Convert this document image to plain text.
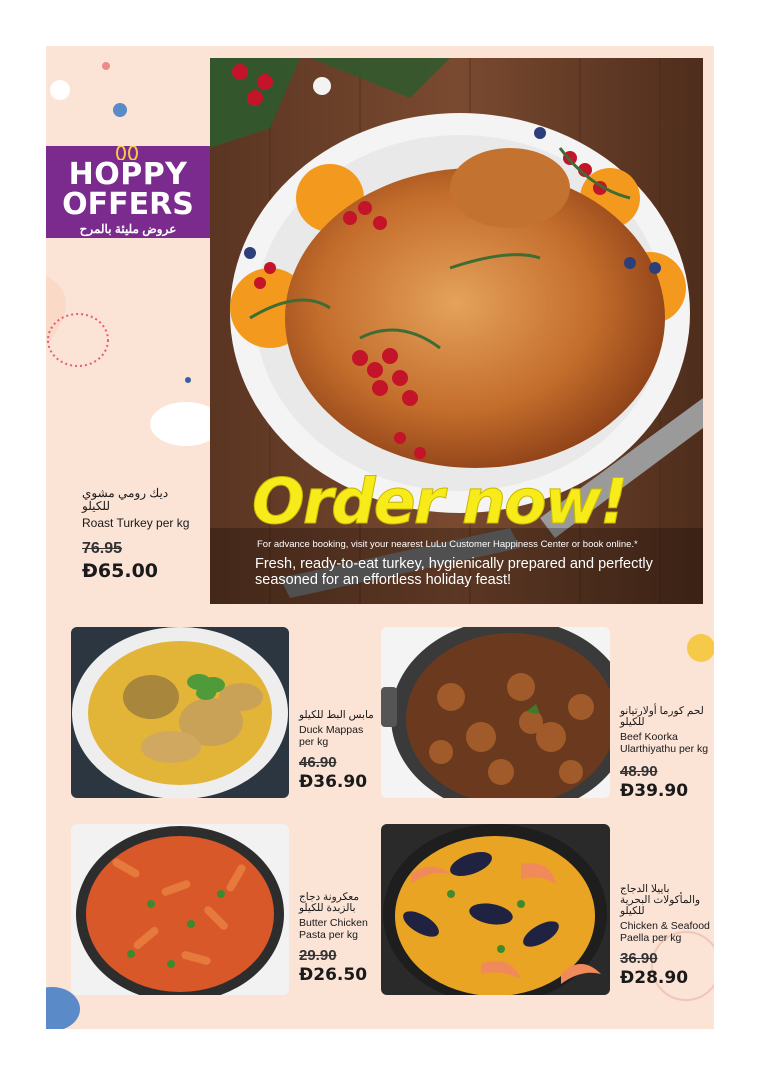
HOPPY
OFFERS
عروض مليئة بالمرح
Order now!
For advance booking, visit your nearest LuLu Customer Happiness Center or book online.*
Fresh, ready-to-eat turkey, hygienically prepared and perfectly seasoned for an effortless holiday feast!
ديك رومي مشوي للكيلو
Roast Turkey per kg
76.95
Ð65.00
مابس البط للكيلو
Duck Mappas per kg
46.90
Ð36.90
لحم كورما أولارتيانو للكيلو
Beef Koorka Ularthiyathu per kg
48.90
Ð39.90
معكرونة دجاج بالزبدة للكيلو
Butter Chicken Pasta per kg
29.90
Ð26.50
باييلا الدجاج والمأكولات البحرية للكيلو
Chicken & Seafood Paella per kg
36.90
Ð28.90
